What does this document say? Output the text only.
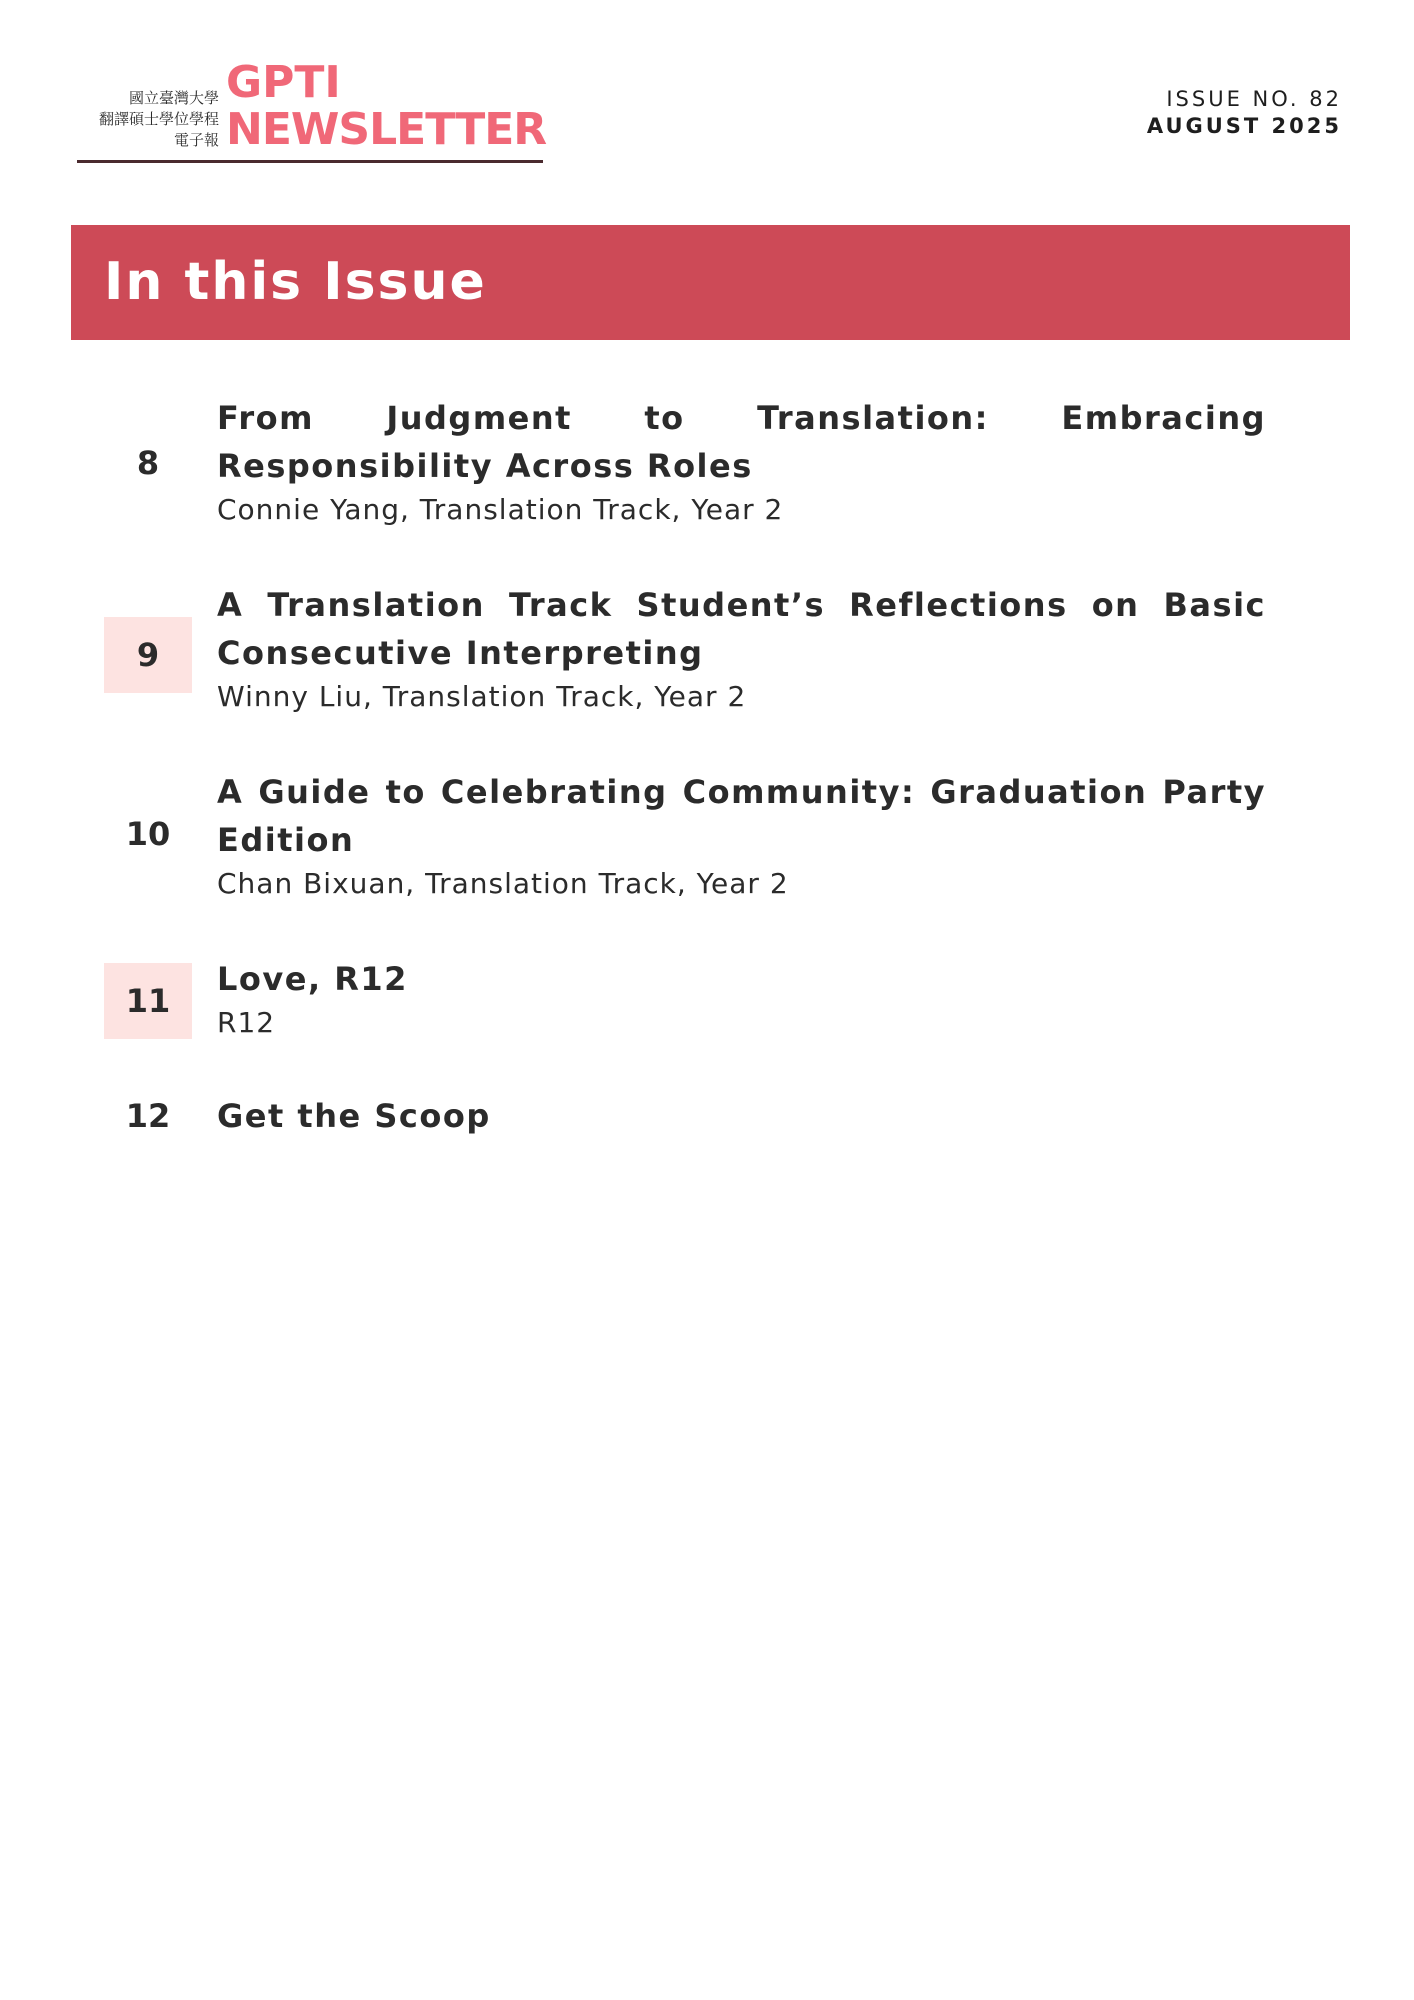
國立臺灣大學
翻譯碩士學位學程
電子報
GPTI
NEWSLETTER
ISSUE NO. 82
AUGUST 2025
In this Issue
8
From Judgment to Translation: Embracing Responsibility Across Roles
Connie Yang, Translation Track, Year 2
9
A Translation Track Student’s Reflections on Basic Consecutive Interpreting
Winny Liu, Translation Track, Year 2
10
A Guide to Celebrating Community: Graduation Party Edition
Chan Bixuan, Translation Track, Year 2
11
Love, R12
R12
12	Get the Scoop
